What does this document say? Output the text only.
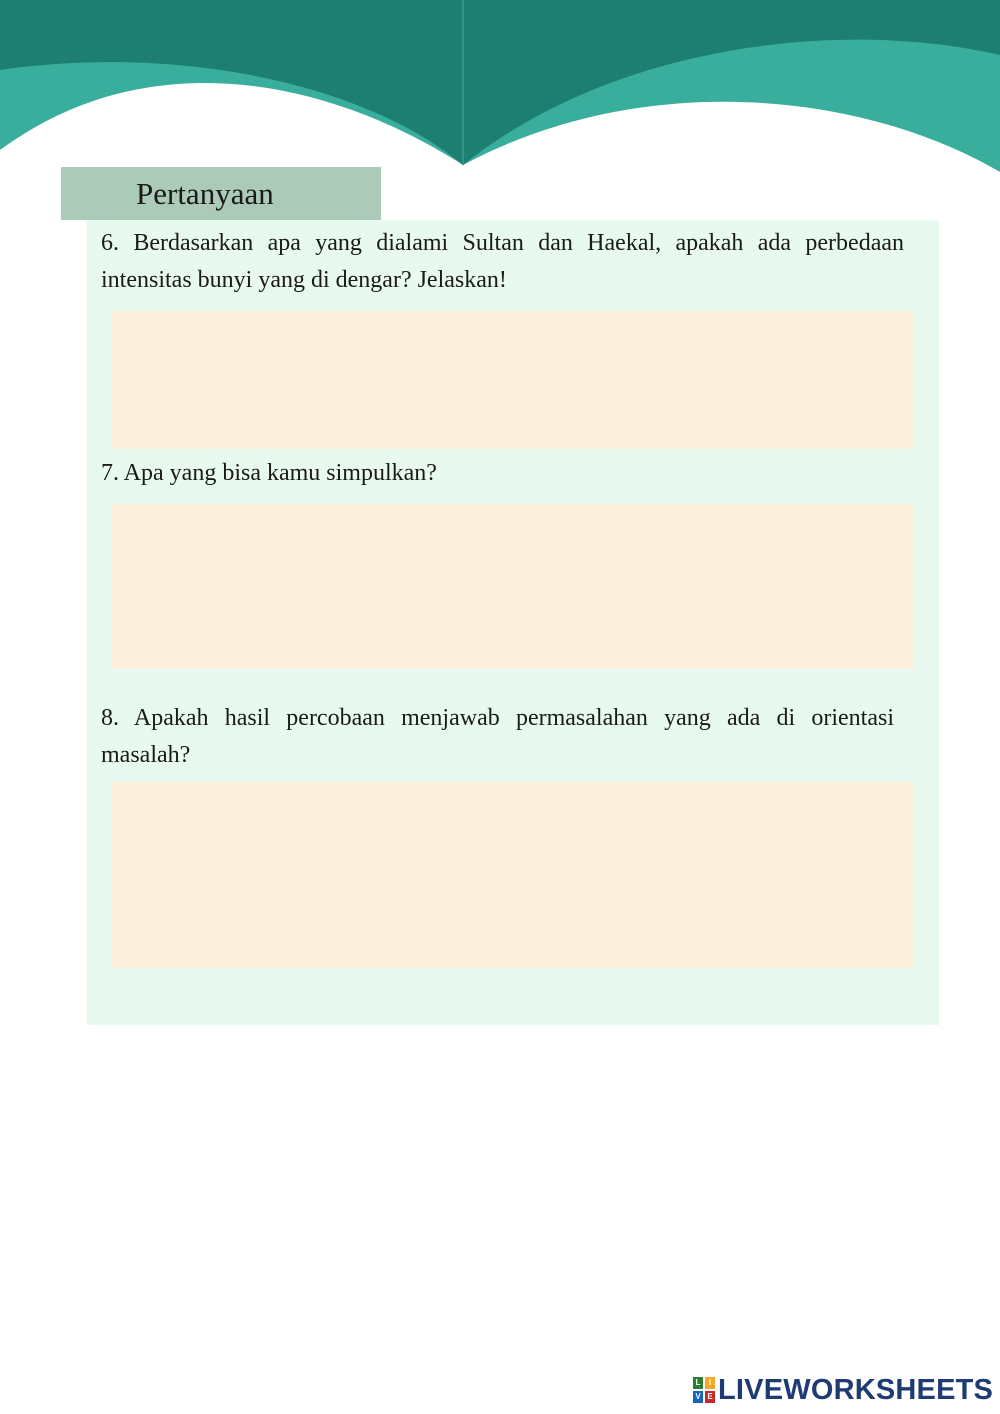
Pertanyaan

6. Berdasarkan apa yang dialami Sultan dan Haekal, apakah ada perbedaan intensitas bunyi yang di dengar? Jelaskan!

7. Apa yang bisa kamu simpulkan?

8. Apakah hasil percobaan menjawab permasalahan yang ada di orientasi masalah?

L	I
V E LIVEWORKSHEETS
